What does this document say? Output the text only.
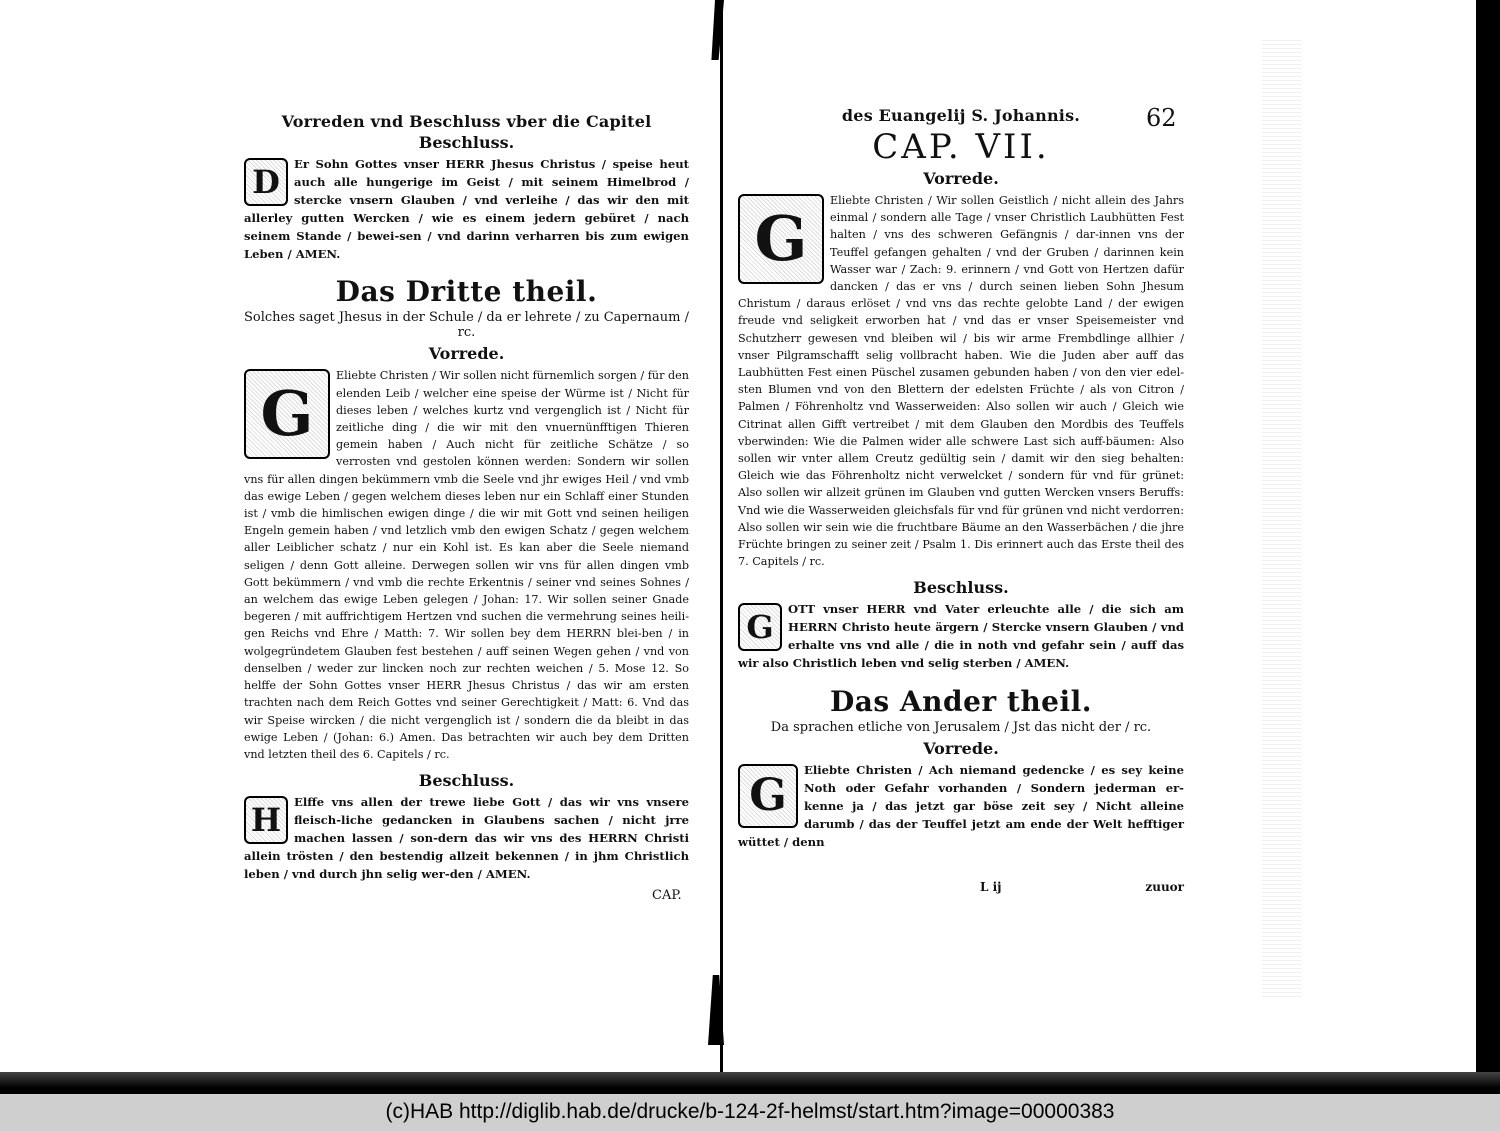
Vorreden vnd Beschluss vber die Capitel
Beschluss.

D	Er Sohn Gottes vnser HERR Jhesus Christus / speise heut auch alle hungerige im Geist / mit seinem Himelbrod / stercke vnsern Glauben / vnd verleihe / das wir den mit allerley gutten Wercken / wie es einem jedern gebüret / nach seinem Stande / bewei-sen / vnd darinn verharren bis zum ewigen Leben / AMEN.

Das Dritte theil.
Solches saget Jhesus in der Schule / da er lehrete / zu Capernaum / rc.
Vorrede.

G
Eliebte Christen / Wir sollen nicht fürnemlich sorgen / für den elenden Leib / welcher eine speise der Würme ist / Nicht für dieses leben / welches kurtz vnd vergenglich ist / Nicht für zeitliche ding / die wir mit den vnuernünfftigen Thieren gemein haben / Auch nicht für zeitliche Schätze / so verrosten vnd gestolen können werden: Sondern wir sollen vns für allen dingen bekümmern vmb die Seele vnd jhr ewiges Heil / vnd vmb das ewige Leben / gegen welchem dieses leben nur ein Schlaff einer Stunden ist / vmb die himlischen ewigen dinge / die wir mit Gott vnd seinen heiligen Engeln gemein haben / vnd letzlich vmb den ewigen Schatz / gegen welchem aller Leiblicher schatz / nur ein Kohl ist. Es kan aber die Seele niemand seligen / denn Gott alleine. Derwegen sollen wir vns für allen dingen vmb Gott bekümmern / vnd vmb die rechte Erkentnis / seiner vnd seines Sohnes / an welchem das ewige Leben gelegen / Johan: 17. Wir sollen seiner Gnade begeren / mit auffrichtigem Hertzen vnd suchen die vermehrung seines heili-gen Reichs vnd Ehre / Matth: 7. Wir sollen bey dem HERRN blei-ben / in wolgegründetem Glauben fest bestehen / auff seinen Wegen gehen / vnd von denselben / weder zur lincken noch zur rechten weichen / 5. Mose 12. So helffe der Sohn Gottes vnser HERR Jhesus Christus / das wir am ersten trachten nach dem Reich Gottes vnd seiner Gerechtigkeit / Matt: 6. Vnd das wir Speise wircken / die nicht vergenglich ist / sondern die da bleibt in das ewige Leben / (Johan: 6.) Amen. Das betrachten wir auch bey dem Dritten vnd letzten theil des 6. Capitels / rc.

Beschluss.

H	Elffe vns allen der trewe liebe Gott / das wir vns vnsere fleisch-liche gedancken in Glaubens sachen / nicht jrre machen lassen / son-dern das wir vns des HERRN Christi allein trösten / den bestendig allzeit bekennen / in jhm Christlich leben / vnd durch jhn selig wer-den / AMEN.

CAP.
62
des Euangelij S. Johannis.
CAP. VII.
Vorrede.

G
Eliebte Christen / Wir sollen Geistlich / nicht allein des Jahrs einmal / sondern alle Tage / vnser Christlich Laubhütten Fest halten / vns des schweren Gefängnis / dar-innen vns der Teuffel gefangen gehalten / vnd der Gruben / darinnen kein Wasser war / Zach: 9. erinnern / vnd Gott von Hertzen dafür dancken / das er vns / durch seinen lieben Sohn Jhesum Christum / daraus erlöset / vnd vns das rechte gelobte Land / der ewigen freude vnd seligkeit erworben hat / vnd das er vnser Speisemeister vnd Schutzherr gewesen vnd bleiben wil / bis wir arme Frembdlinge allhier / vnser Pilgramschafft selig vollbracht haben. Wie die Juden aber auff das Laubhütten Fest einen Püschel zusamen gebunden haben / von den vier edel-sten Blumen vnd von den Blettern der edelsten Früchte / als von Citron / Palmen / Föhrenholtz vnd Wasserweiden: Also sollen wir auch / Gleich wie Citrinat allen Gifft vertreibet / mit dem Glauben den Mordbis des Teuffels vberwinden: Wie die Palmen wider alle schwere Last sich auff-bäumen: Also sollen wir vnter allem Creutz gedültig sein / damit wir den sieg behalten: Gleich wie das Föhrenholtz nicht verwelcket / sondern für vnd für grünet: Also sollen wir allzeit grünen im Glauben vnd gutten Wercken vnsers Beruffs: Vnd wie die Wasserweiden gleichsfals für vnd für grünen vnd nicht verdorren: Also sollen wir sein wie die fruchtbare Bäume an den Wasserbächen / die jhre Früchte bringen zu seiner zeit / Psalm 1. Dis erinnert auch das Erste theil des 7. Capitels / rc.

Beschluss.

G	OTT vnser HERR vnd Vater erleuchte alle / die sich am HERRN Christo heute ärgern / Stercke vnsern Glauben / vnd erhalte vns vnd alle / die in noth vnd gefahr sein / auff das wir also Christlich leben vnd selig sterben / AMEN.

Das Ander theil.
Da sprachen etliche von Jerusalem / Jst das nicht der / rc.
Vorrede.

G	Eliebte Christen / Ach niemand gedencke / es sey keine Noth oder Gefahr vorhanden / Sondern jederman er-kenne ja / das jetzt gar böse zeit sey / Nicht alleine darumb / das der Teuffel jetzt am ende der Welt hefftiger wüttet / denn

L ij	zuuor
(c)HAB http://diglib.hab.de/drucke/b-124-2f-helmst/start.htm?image=00000383
